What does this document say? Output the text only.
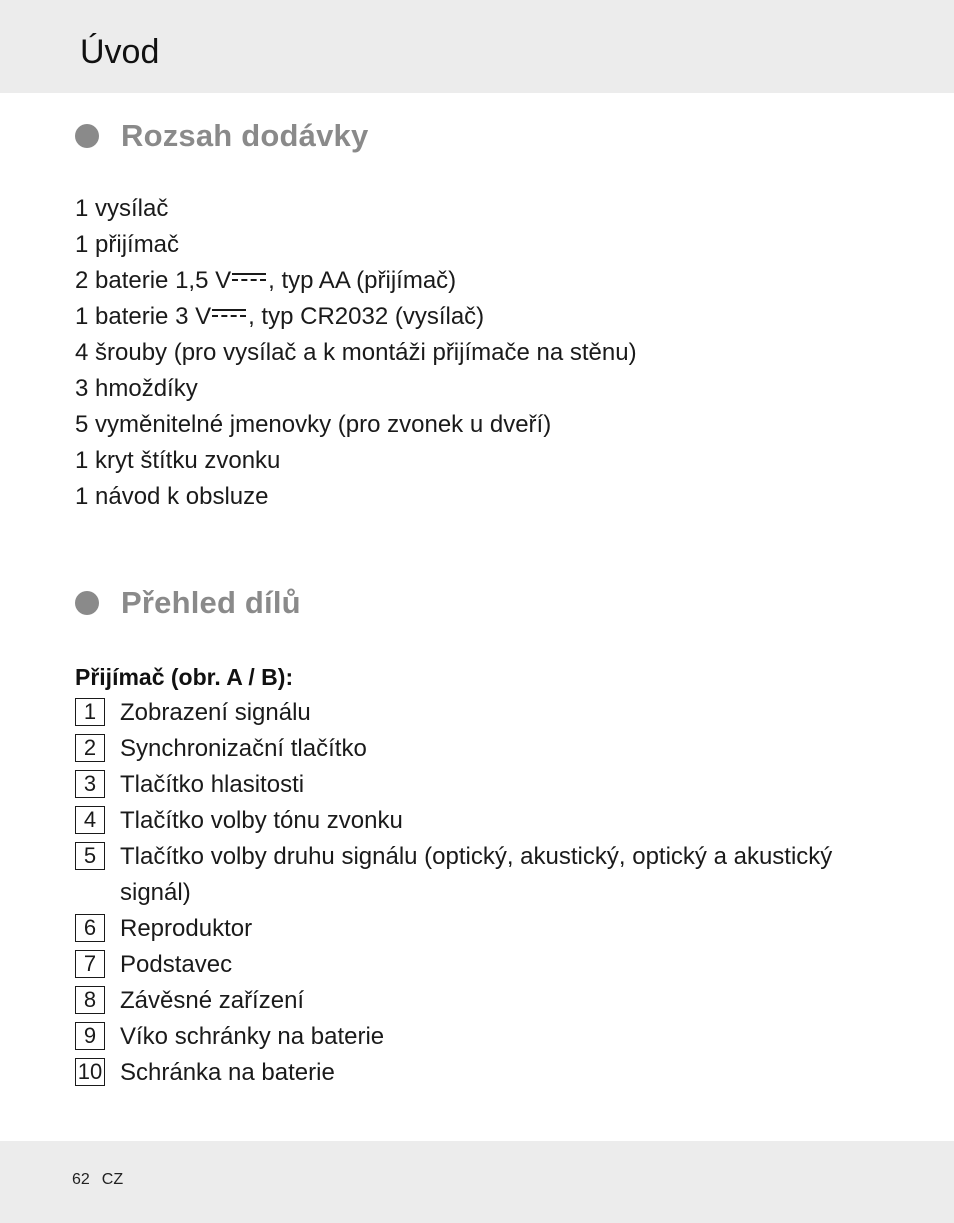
Úvod
Rozsah dodávky
1 vysílač
1 přijímač
2 baterie 1,5 V , typ AA (přijímač)
1 baterie 3 V , typ CR2032 (vysílač)
4 šrouby (pro vysílač a k montáži přijímače na stěnu)
3 hmoždíky
5 vyměnitelné jmenovky (pro zvonek u dveří)
1 kryt štítku zvonku
1 návod k obsluze
Přehled dílů
Přijímač (obr. A / B):
1 Zobrazení signálu
2 Synchronizační tlačítko
3 Tlačítko hlasitosti
4 Tlačítko volby tónu zvonku
5 Tlačítko volby druhu signálu (optický, akustický, optický a akustický signál)
6 Reproduktor
7 Podstavec
8 Závěsné zařízení
9 Víko schránky na baterie
10 Schránka na baterie
62 CZ
